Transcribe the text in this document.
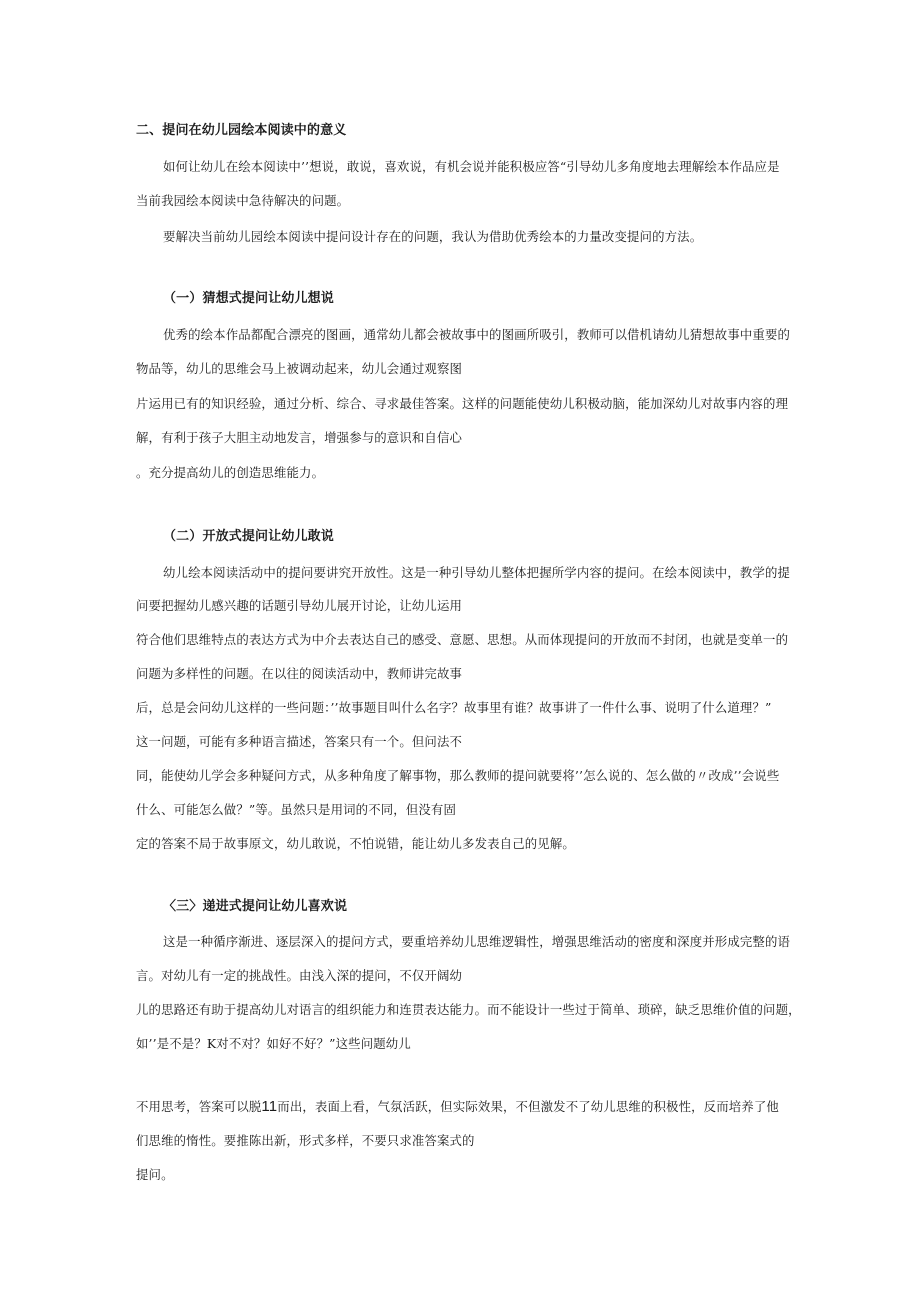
二、提问在幼儿园绘本阅读中的意义
如何让幼儿在绘本阅读中’’想说，敢说，喜欢说，有机会说并能积极应答“引导幼儿多角度地去理解绘本作品应是
当前我园绘本阅读中急待解决的问题。
要解决当前幼儿园绘本阅读中提问设计存在的问题，我认为借助优秀绘本的力量改变提问的方法。
（一）猜想式提问让幼儿想说
优秀的绘本作品都配合漂亮的图画，通常幼儿都会被故事中的图画所吸引，教师可以借机请幼儿猜想故事中重要的
物品等，幼儿的思维会马上被调动起来，幼儿会通过观察图
片运用已有的知识经验，通过分析、综合、寻求最佳答案。这样的问题能使幼儿积极动脑，能加深幼儿对故事内容的理
解，有利于孩子大胆主动地发言，增强参与的意识和自信心
。充分提高幼儿的创造思维能力。
（二）开放式提问让幼儿敢说
幼儿绘本阅读活动中的提问要讲究开放性。这是一种引导幼儿整体把握所学内容的提问。在绘本阅读中，教学的提
问要把握幼儿感兴趣的话题引导幼儿展开讨论，让幼儿运用
符合他们思维特点的表达方式为中介去表达自己的感受、意愿、思想。从而体现提问的开放而不封闭，也就是变单一的
问题为多样性的问题。在以往的阅读活动中，教师讲完故事
后，总是会问幼儿这样的一些问题：’’故事题目叫什么名字？故事里有谁？故事讲了一件什么事、说明了什么道理？”
这一问题，可能有多种语言描述，答案只有一个。但问法不
同，能使幼儿学会多种疑问方式，从多种角度了解事物，那么教师的提问就要将’’怎么说的、怎么做的〃改成’’会说些
什么、可能怎么做？”等。虽然只是用词的不同，但没有固
定的答案不局于故事原文，幼儿敢说，不怕说错，能让幼儿多发表自己的见解。
〈三〉递进式提问让幼儿喜欢说
这是一种循序渐进、逐层深入的提问方式，要重培养幼儿思维逻辑性，增强思维活动的密度和深度并形成完整的语
言。对幼儿有一定的挑战性。由浅入深的提问，不仅开阔幼
儿的思路还有助于提高幼儿对语言的组织能力和连贯表达能力。而不能设计一些过于简单、琐碎，缺乏思维价值的问题，
如’’是不是？K对不对？如好不好？”这些问题幼儿
不用思考，答案可以脱11而出，表面上看，气氛活跃，但实际效果，不但激发不了幼儿思维的积极性，反而培养了他
们思维的惰性。要推陈出新，形式多样，不要只求准答案式的
提问。
